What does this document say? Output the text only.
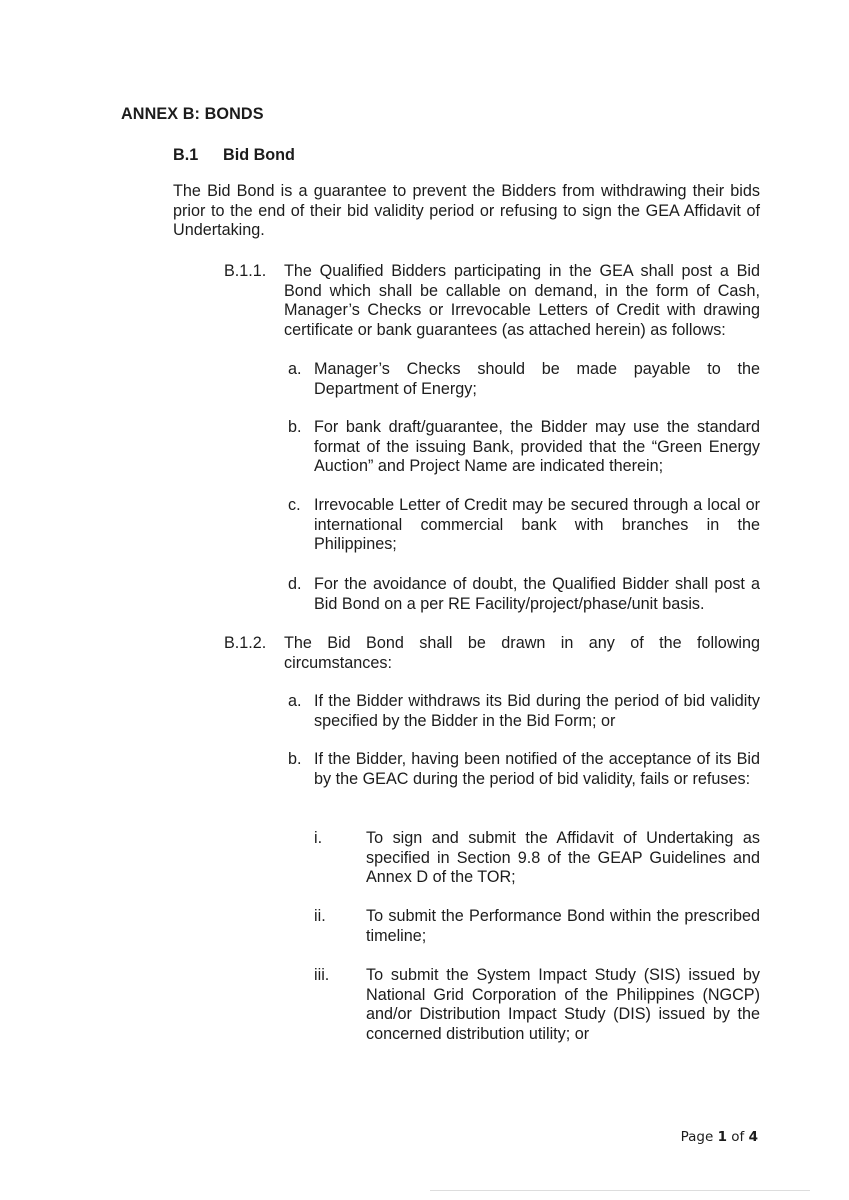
ANNEX B: BONDS
B.1 Bid Bond
The Bid Bond is a guarantee to prevent the Bidders from withdrawing their bids prior to the end of their bid validity period or refusing to sign the GEA Affidavit of Undertaking.
B.1.1. The Qualified Bidders participating in the GEA shall post a Bid Bond which shall be callable on demand, in the form of Cash, Manager’s Checks or Irrevocable Letters of Credit with drawing certificate or bank guarantees (as attached herein) as follows:
a. Manager’s Checks should be made payable to the Department of Energy;
b. For bank draft/guarantee, the Bidder may use the standard format of the issuing Bank, provided that the “Green Energy Auction” and Project Name are indicated therein;
c. Irrevocable Letter of Credit may be secured through a local or international commercial bank with branches in the Philippines;
d. For the avoidance of doubt, the Qualified Bidder shall post a Bid Bond on a per RE Facility/project/phase/unit basis.
B.1.2. The Bid Bond shall be drawn in any of the following circumstances:
a. If the Bidder withdraws its Bid during the period of bid validity specified by the Bidder in the Bid Form; or
b. If the Bidder, having been notified of the acceptance of its Bid by the GEAC during the period of bid validity, fails or refuses:
i.	To sign and submit the Affidavit of Undertaking as specified in Section 9.8 of the GEAP Guidelines and Annex D of the TOR;
ii. To submit the Performance Bond within the prescribed timeline;
iii. To submit the System Impact Study (SIS) issued by National Grid Corporation of the Philippines (NGCP) and/or Distribution Impact Study (DIS) issued by the concerned distribution utility; or
Page 1 of 4
